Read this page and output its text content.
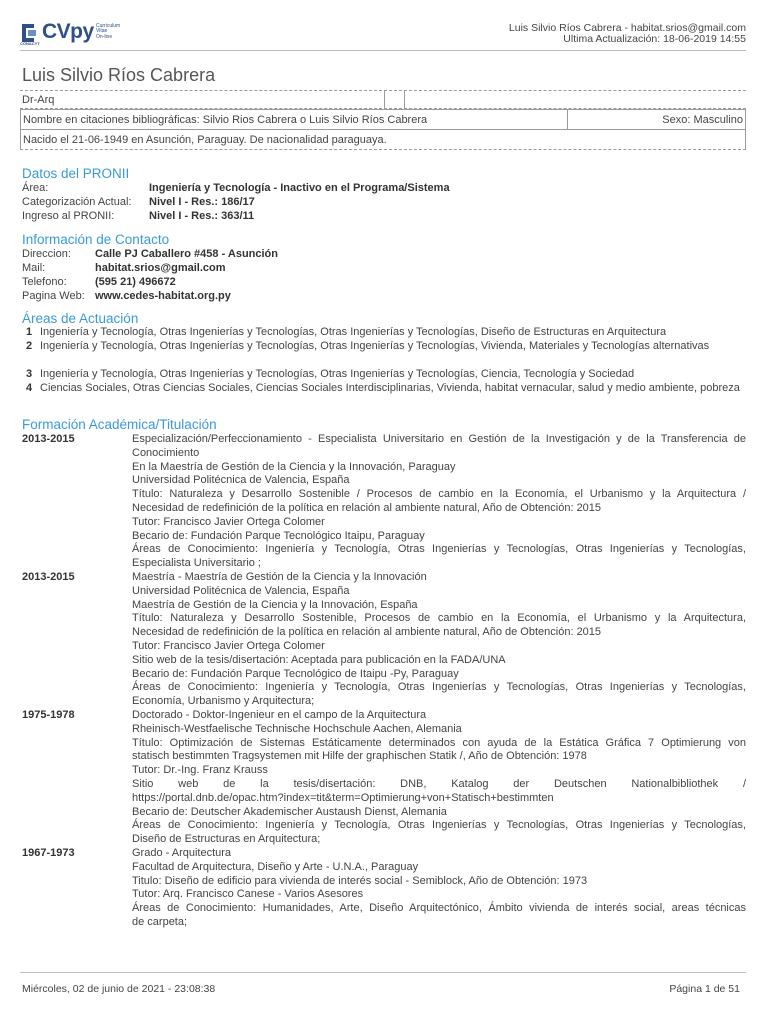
CVpy
CONACYT
Curriculum
Vitae
On-line
Luis Silvio Ríos Cabrera - habitat.srios@gmail.com
Ultima Actualización: 18-06-2019 14:55
Luis Silvio Ríos Cabrera
Dr-Arq
Nombre en citaciones bibliográficas: Silvio Rios Cabrera o Luis Silvio Ríos Cabrera	Sexo: Masculino
Nacido el 21-06-1949 en Asunción, Paraguay. De nacionalidad paraguaya.
Datos del PRONII
Área:	Ingeniería y Tecnología - Inactivo en el Programa/Sistema
Categorización Actual: Nivel I - Res.: 186/17
Ingreso al PRONII:	Nivel I - Res.: 363/11
Información de Contacto
Direccion: Calle PJ Caballero #458 - Asunción
Mail:	habitat.srios@gmail.com
Telefono:	(595 21) 496672
Pagina Web: www.cedes-habitat.org.py
Áreas de Actuación
1 Ingeniería y Tecnología, Otras Ingenierías y Tecnologías, Otras Ingenierías y Tecnologías, Diseño de Estructuras en Arquitectura
2 Ingeniería y Tecnología, Otras Ingenierías y Tecnologías, Otras Ingenierías y Tecnologías, Vivienda, Materiales y Tecnologías alternativas
3 Ingeniería y Tecnología, Otras Ingenierías y Tecnologías, Otras Ingenierías y Tecnologías, Ciencia, Tecnología y Sociedad
4 Ciencias Sociales, Otras Ciencias Sociales, Ciencias Sociales Interdisciplinarias, Vivienda, habitat vernacular, salud y medio ambiente, pobreza
Formación Académica/Titulación
2013-2015	Especialización/Perfeccionamiento - Especialista Universitario en Gestión de la Investigación y de la Transferencia de
Conocimiento
En la Maestría de Gestión de la Ciencia y la Innovación, Paraguay
Universidad Politécnica de Valencia, España
Título: Naturaleza y Desarrollo Sostenible / Procesos de cambio en la Economía, el Urbanismo y la Arquitectura /
Necesidad de redefinición de la política en relación al ambiente natural, Año de Obtención: 2015
Tutor: Francisco Javier Ortega Colomer
Becario de: Fundación Parque Tecnológico Itaipu, Paraguay
Áreas de Conocimiento: Ingeniería y Tecnología, Otras Ingenierías y Tecnologías, Otras Ingenierías y Tecnologías,
Especialista Universitario ;
2013-2015	Maestría - Maestría de Gestión de la Ciencia y la Innovación
Universidad Politécnica de Valencia, España
Maestría de Gestión de la Ciencia y la Innovación, España
Título: Naturaleza y Desarrollo Sostenible, Procesos de cambio en la Economía, el Urbanismo y la Arquitectura,
Necesidad de redefinición de la política en relación al ambiente natural, Año de Obtención: 2015
Tutor: Francisco Javier Ortega Colomer
Sitio web de la tesis/disertación: Aceptada para publicación en la FADA/UNA
Becario de: Fundación Parque Tecnológico de Itaipu -Py, Paraguay
Áreas de Conocimiento: Ingeniería y Tecnología, Otras Ingenierías y Tecnologías, Otras Ingenierías y Tecnologías,
Economía, Urbanismo y Arquitectura;
1975-1978	Doctorado - Doktor-Ingenieur en el campo de la Arquitectura
Rheinisch-Westfaelische Technische Hochschule Aachen, Alemania
Título: Optimización de Sistemas Estáticamente determinados con ayuda de la Estática Gráfica 7 Optimierung von
statisch bestimmten Tragsystemen mit Hilfe der graphischen Statik /, Año de Obtención: 1978
Tutor: Dr.-Ing. Franz Krauss
Sitio web de la tesis/disertación: DNB, Katalog der Deutschen Nationalbibliothek /
https://portal.dnb.de/opac.htm?index=tit&term=Optimierung+von+Statisch+bestimmten
Becario de: Deutscher Akademischer Austaush Dienst, Alemania
Áreas de Conocimiento: Ingeniería y Tecnología, Otras Ingenierías y Tecnologías, Otras Ingenierías y Tecnologías,
Diseño de Estructuras en Arquitectura;
1967-1973	Grado - Arquitectura
Facultad de Arquitectura, Diseño y Arte - U.N.A., Paraguay
Titulo: Diseño de edificio para vivienda de interés social - Semiblock, Año de Obtención: 1973
Tutor: Arq. Francisco Canese - Varios Asesores
Áreas de Conocimiento: Humanidades, Arte, Diseño Arquitectónico, Ámbito vivienda de interés social, areas técnicas
de carpeta;
Miércoles, 02 de junio de 2021 - 23:08:38	Página 1 de 51
